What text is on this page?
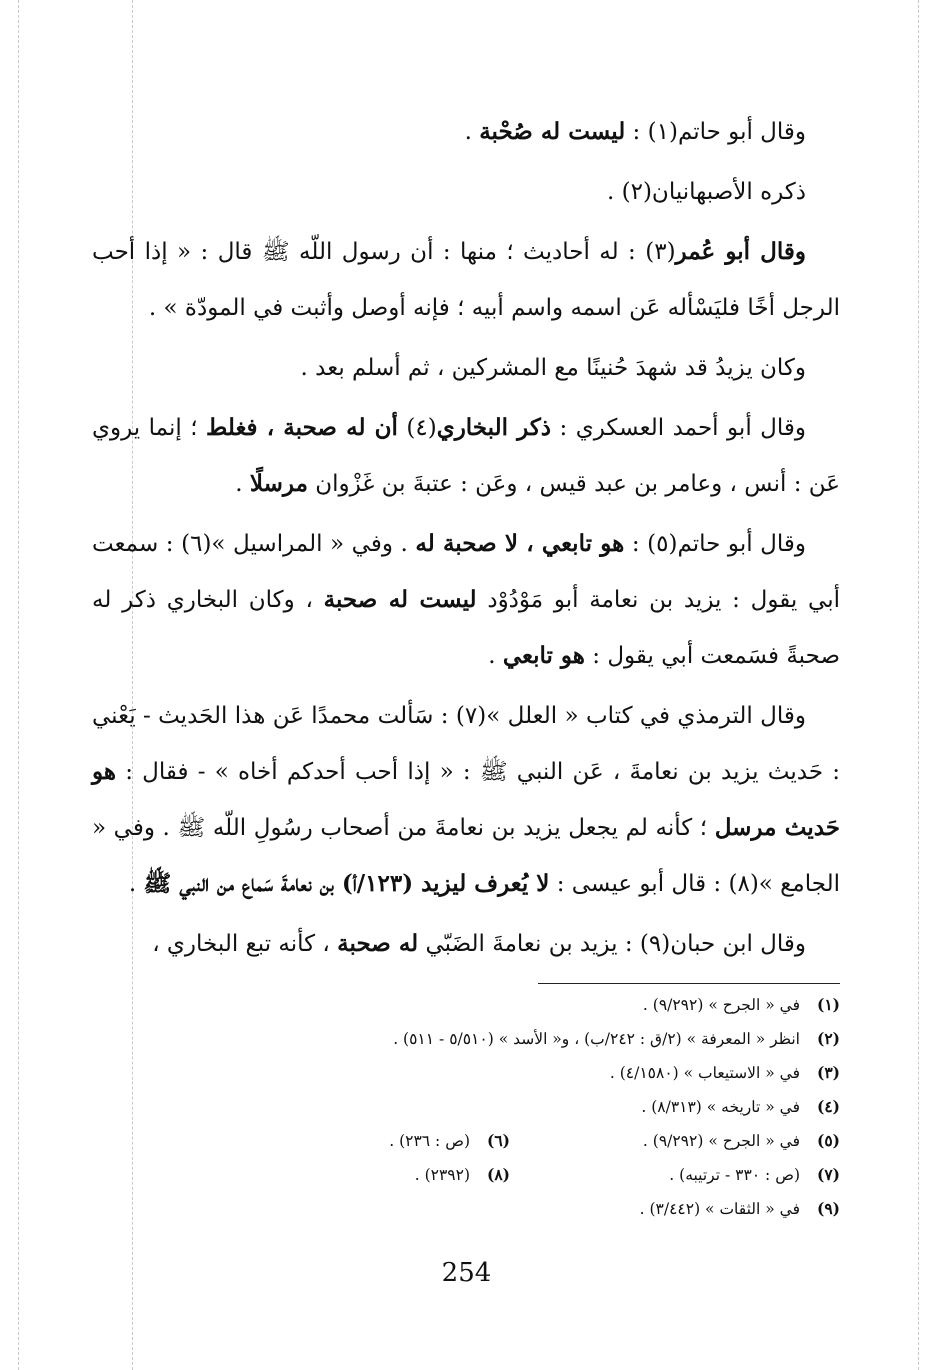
وقال أبو حاتم(١) : ليست له صُحْبة .

ذكره الأصبهانيان(٢) .

وقال أبو عُمر(٣) : له أحاديث ؛ منها : أن رسول اللّه ﷺ قال : « إذا أحب الرجل أخًا فليَسْأله عَن اسمه واسم أبيه ؛ فإنه أوصل وأثبت في المودّة » .

وكان يزيدُ قد شهدَ حُنينًا مع المشركين ، ثم أسلم بعد .

وقال أبو أحمد العسكري : ذكر البخاري(٤) أن له صحبة ، فغلط ؛ إنما يروي عَن : أنس ، وعامر بن عبد قيس ، وعَن : عتبةَ بن غَزْوان مرسلًا .

وقال أبو حاتم(٥) : هو تابعي ، لا صحبة له . وفي « المراسيل »(٦) : سمعت أبي يقول : يزيد بن نعامة أبو مَوْدُوْد ليست له صحبة ، وكان البخاري ذكر له صحبةً فسَمعت أبي يقول : هو تابعي .

وقال الترمذي في كتاب « العلل »(٧) : سَألت محمدًا عَن هذا الحَديث - يَعْني : حَديث يزيد بن نعامةَ ، عَن النبي ﷺ : « إذا أحب أحدكم أخاه » - فقال : هو حَديث مرسل ؛ كأنه لم يجعل يزيد بن نعامةَ من أصحاب رسُولِ اللّه ﷺ . وفي « الجامع »(٨) : قال أبو عيسى : لا يُعرف ليزيد (١٢٣/أ) بن نعامةَ سَماع من النبي ﷺ .

وقال ابن حبان(٩) : يزيد بن نعامةَ الضَبّي له صحبة ، كأنه تبع البخاري ،

(١)
في « الجرح » (٩/٢٩٢) .
(٢)
انظر « المعرفة » (٢/ق : ٢٤٢/ب) ، و« الأسد » (٥/٥١٠ - ٥١١) .
(٣)
في « الاستيعاب » (٤/١٥٨٠) .
(٤)
في « تاريخه » (٨/٣١٣) .
(٥)
في « الجرح » (٩/٢٩٢) .
(٦)
(ص : ٢٣٦) .
(٧)
(ص : ٣٣٠ - ترتيبه) .
(٨)
(٢٣٩٢) .
(٩)
في « الثقات » (٣/٤٤٢) .
254
